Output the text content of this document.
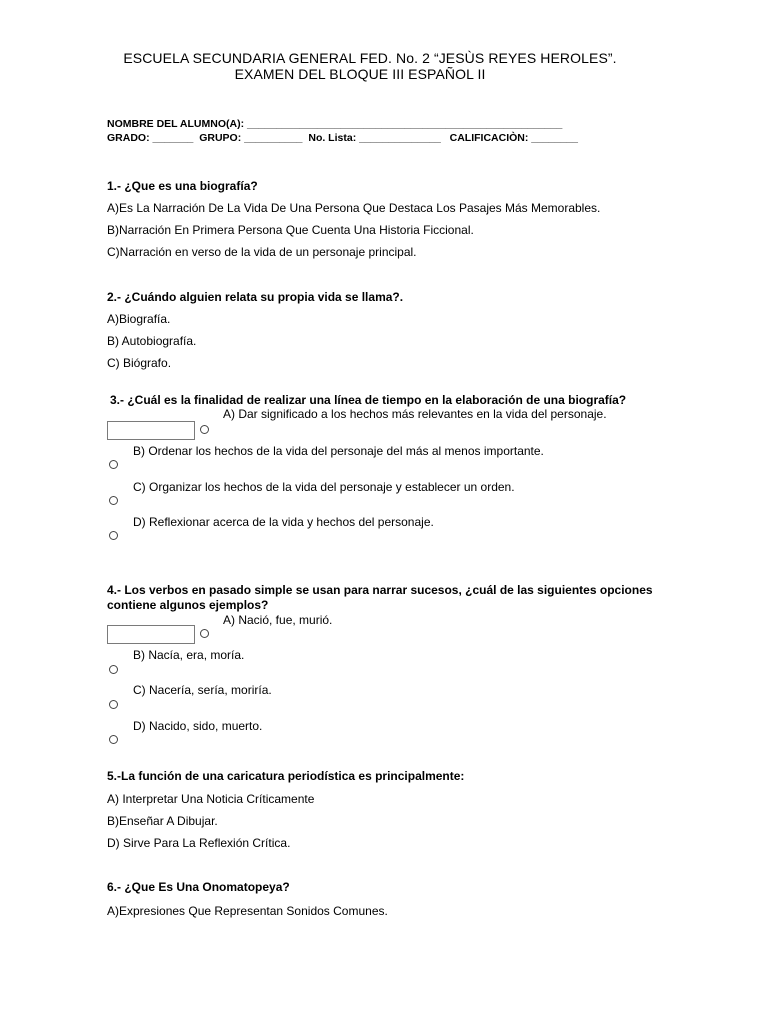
ESCUELA SECUNDARIA GENERAL FED. No. 2 “JESÙS REYES HEROLES”.
EXAMEN DEL BLOQUE III ESPAÑOL II
NOMBRE DEL ALUMNO(A): ______________________________________________________
GRADO: _______  GRUPO: __________  No. Lista: ______________   CALIFICACIÒN: ________
1.- ¿Que es una biografía?
A)Es La Narración De La Vida De Una Persona Que Destaca Los Pasajes Más Memorables.
B)Narración En Primera Persona Que Cuenta Una Historia Ficcional.
C)Narración en verso de la vida de un personaje principal.
2.- ¿Cuándo alguien relata su propia vida se llama?.
A)Biografía.
B) Autobiografía.
C) Biógrafo.
3.- ¿Cuál es la finalidad de realizar una línea de tiempo en la elaboración de una biografía?
A) Dar significado a los hechos más relevantes en la vida del personaje.
B) Ordenar los hechos de la vida del personaje del más al menos importante.
C) Organizar los hechos de la vida del personaje y establecer un orden.
D) Reflexionar acerca de la vida y hechos del personaje.
4.- Los verbos en pasado simple se usan para narrar sucesos, ¿cuál de las siguientes opciones contiene algunos ejemplos?
A) Nació, fue, murió.
B) Nacía, era, moría.
C) Nacería, sería, moriría.
D) Nacido, sido, muerto.
5.-La función de una caricatura periodística es principalmente:
A) Interpretar Una Noticia Críticamente
B)Enseñar A Dibujar.
D) Sirve Para La Reflexión Crítica.
6.- ¿Que Es Una Onomatopeya?
A)Expresiones Que Representan Sonidos Comunes.
